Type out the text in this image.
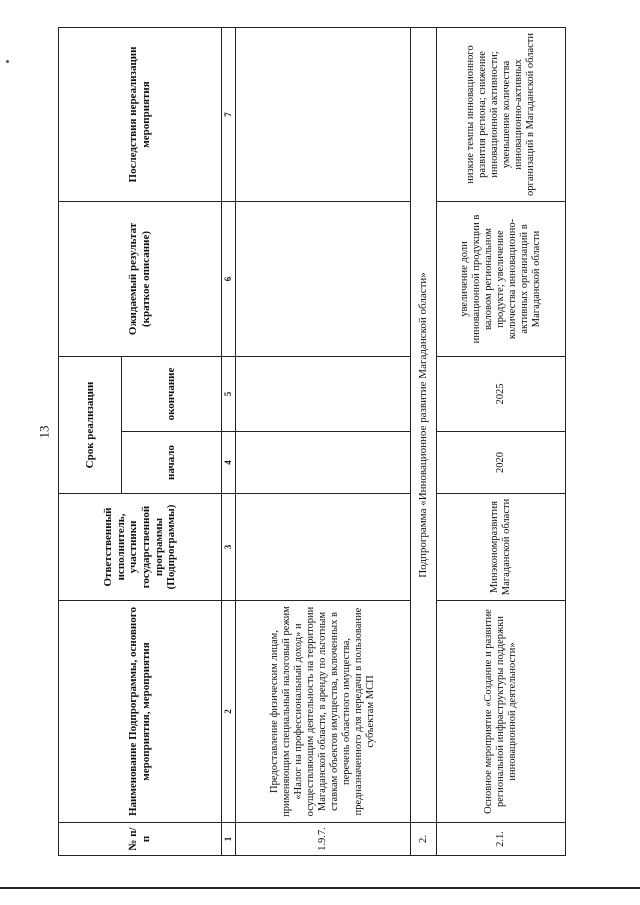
13
№ п/п	Наименование Подпрограммы, основного мероприятия, мероприятия	Ответственный исполнитель, участники государственной программы (Подпрограммы)	Срок реализации		Ожидаемый результат (краткое описание)	Последствия нереализации мероприятия
			начало	окончание		
1	2	3	4	5	6	7
1.9.7.	Предоставление физическим лицам, применяющим специальный налоговый режим «Налог на профессиональный доход» и осуществляющим деятельность на территории Магаданской области, в аренду по льготным ставкам объектов имущества, включенных в перечень областного имущества, предназначенного для передачи в пользование субъектам МСП					
2.	Подпрограмма «Инновационное развитие Магаданской области»					
2.1.	Основное мероприятие «Создание и развитие региональной инфраструктуры поддержки инновационной деятельности»	Минэкономразвития Магаданской области	2020	2025	увеличение доли инновационной продукции в валовом региональном продукте; увеличение количества инновационно-активных организаций в Магаданской области	низкие темпы инновационного развития региона; снижение инновационной активности; уменьшение количества инновационно-активных организаций в Магаданской области
